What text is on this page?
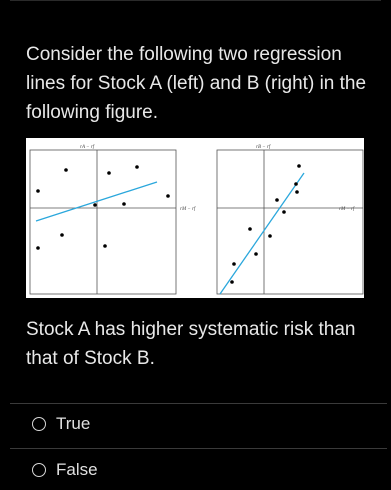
Consider the following two regression lines for Stock A (left) and B (right) in the following figure.
rA − rf
rM − rf
rB − rf
rM − rf
Stock A has higher systematic risk than that of Stock B.
True
False
